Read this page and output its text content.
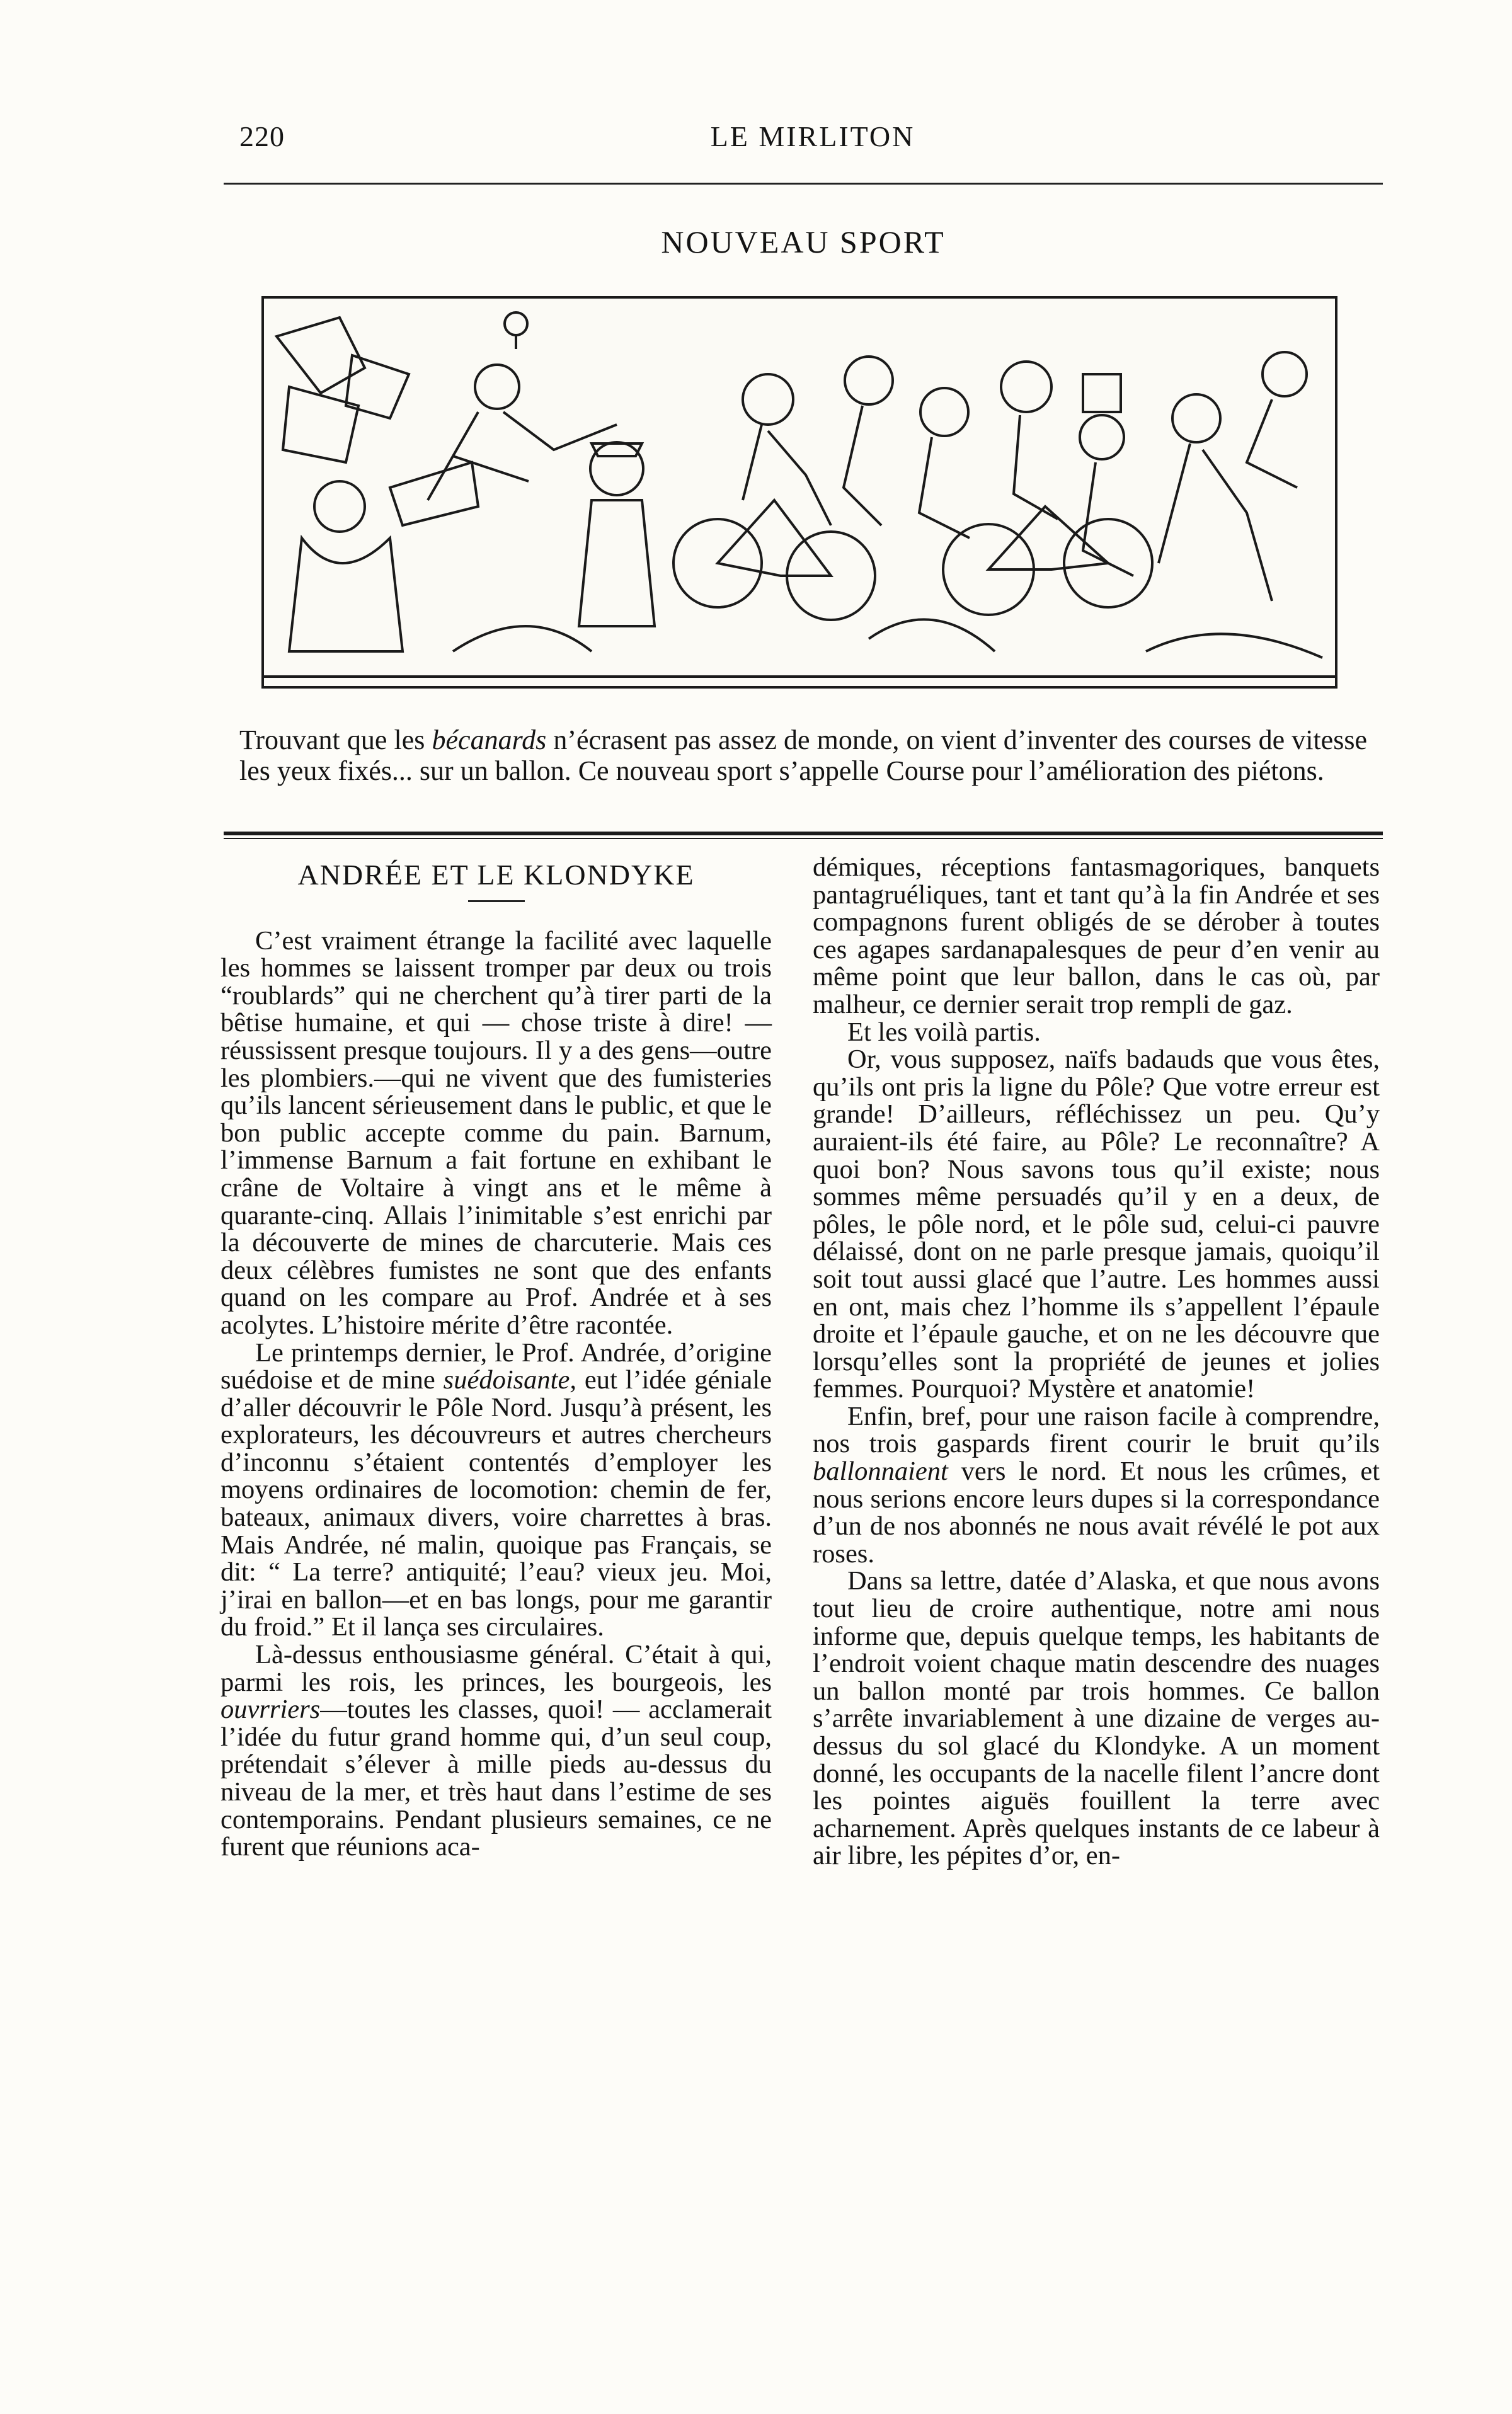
220	LE MIRLITON
NOUVEAU SPORT
Trouvant que les bécanards n’écrasent pas assez de monde, on vient d’inventer des courses de vitesse les yeux fixés... sur un ballon. Ce nouveau sport s’appelle Course pour l’amélioration des piétons.
ANDRÉE ET LE KLONDYKE

C’est vraiment étrange la facilité avec laquelle les hommes se laissent tromper par deux ou trois “roublards” qui ne cherchent qu’à tirer parti de la bêtise humaine, et qui — chose triste à dire! — réussissent presque toujours. Il y a des gens—outre les plombiers.—qui ne vivent que des fumisteries qu’ils lancent sérieusement dans le public, et que le bon public accepte comme du pain. Barnum, l’immense Barnum a fait fortune en exhibant le crâne de Voltaire à vingt ans et le même à quarante-cinq. Allais l’inimitable s’est enrichi par la découverte de mines de charcuterie. Mais ces deux célèbres fumistes ne sont que des enfants quand on les compare au Prof. Andrée et à ses acolytes. L’histoire mérite d’être racontée.

Le printemps dernier, le Prof. Andrée, d’origine suédoise et de mine suédoisante, eut l’idée géniale d’aller découvrir le Pôle Nord. Jusqu’à présent, les explorateurs, les découvreurs et autres chercheurs d’inconnu s’étaient contentés d’employer les moyens ordinaires de locomotion: chemin de fer, bateaux, animaux divers, voire charrettes à bras. Mais Andrée, né malin, quoique pas Français, se dit: “ La terre? antiquité; l’eau? vieux jeu. Moi, j’irai en ballon—et en bas longs, pour me garantir du froid.” Et il lança ses circulaires.

Là-dessus enthousiasme général. C’était à qui, parmi les rois, les princes, les bourgeois, les ouvrriers—toutes les classes, quoi! — acclamerait l’idée du futur grand homme qui, d’un seul coup, prétendait s’élever à mille pieds au-dessus du niveau de la mer, et très haut dans l’estime de ses contemporains. Pendant plusieurs semaines, ce ne furent que réunions aca-

démiques, réceptions fantasmagoriques, banquets pantagruéliques, tant et tant qu’à la fin Andrée et ses compagnons furent obligés de se dérober à toutes ces agapes sardanapalesques de peur d’en venir au même point que leur ballon, dans le cas où, par malheur, ce dernier serait trop rempli de gaz.

Et les voilà partis.

Or, vous supposez, naïfs badauds que vous êtes, qu’ils ont pris la ligne du Pôle? Que votre erreur est grande! D’ailleurs, réfléchissez un peu. Qu’y auraient-ils été faire, au Pôle? Le reconnaître? A quoi bon? Nous savons tous qu’il existe; nous sommes même persuadés qu’il y en a deux, de pôles, le pôle nord, et le pôle sud, celui-ci pauvre délaissé, dont on ne parle presque jamais, quoiqu’il soit tout aussi glacé que l’autre. Les hommes aussi en ont, mais chez l’homme ils s’appellent l’épaule droite et l’épaule gauche, et on ne les découvre que lorsqu’elles sont la propriété de jeunes et jolies femmes. Pourquoi? Mystère et anatomie!

Enfin, bref, pour une raison facile à comprendre, nos trois gaspards firent courir le bruit qu’ils ballonnaient vers le nord. Et nous les crûmes, et nous serions encore leurs dupes si la correspondance d’un de nos abonnés ne nous avait révélé le pot aux roses.

Dans sa lettre, datée d’Alaska, et que nous avons tout lieu de croire authentique, notre ami nous informe que, depuis quelque temps, les habitants de l’endroit voient chaque matin descendre des nuages un ballon monté par trois hommes. Ce ballon s’arrête invariablement à une dizaine de verges au-dessus du sol glacé du Klondyke. A un moment donné, les occupants de la nacelle filent l’ancre dont les pointes aiguës fouillent la terre avec acharnement. Après quelques instants de ce labeur à air libre, les pépites d’or, en-
